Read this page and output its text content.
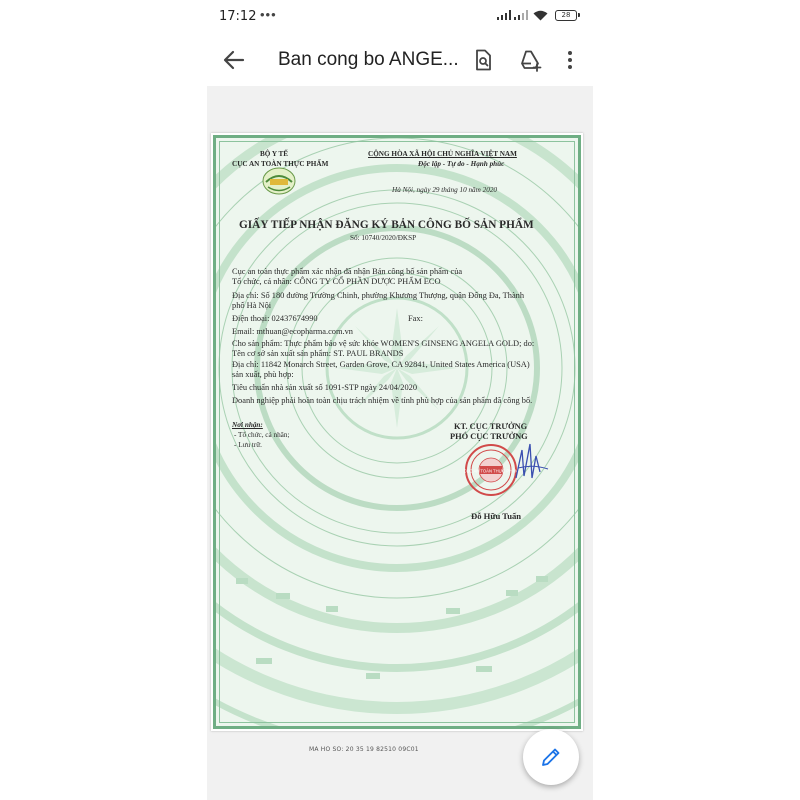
17:12 •••	28
Ban cong bo ANGE...
BỘ Y TẾ
CỤC AN TOÀN THỰC PHẨM
CỘNG HÒA XÃ HỘI CHỦ NGHĨA VIỆT NAM
Độc lập - Tự do - Hạnh phúc
Hà Nội, ngày 29 tháng 10 năm 2020
GIẤY TIẾP NHẬN ĐĂNG KÝ BẢN CÔNG BỐ SẢN PHẨM
Số: 10740/2020/ĐKSP
Cục an toàn thực phẩm xác nhận đã nhận Bản công bố sản phẩm của
Tổ chức, cá nhân: CÔNG TY CỔ PHẦN DƯỢC PHẨM ECO
Địa chỉ: Số 180 đường Trường Chinh, phường Khương Thượng, quận Đống Đa, Thành
phố Hà Nội
Điện thoại: 02437674990	Fax:
Email: mthuan@ecopharma.com.vn
Cho sản phẩm: Thực phẩm bảo vệ sức khỏe WOMEN'S GINSENG ANGELA GOLD; do:
Tên cơ sở sản xuất sản phẩm: ST. PAUL BRANDS
Địa chỉ: 11842 Monarch Street, Garden Grove, CA 92841, United States America (USA)
sản xuất, phù hợp:
Tiêu chuẩn nhà sản xuất số 1091-STP ngày 24/04/2020
Doanh nghiệp phải hoàn toàn chịu trách nhiệm về tính phù hợp của sản phẩm đã công bố.
Nơi nhận:
- Tổ chức, cá nhân;
- Lưu trữ.
KT. CỤC TRƯỞNG
PHÓ CỤC TRƯỞNG
CỤC AN TOÀN THỰC PHẨM
Đỗ Hữu Tuấn
MA HO SO: 20 35 19 82510 09C01
